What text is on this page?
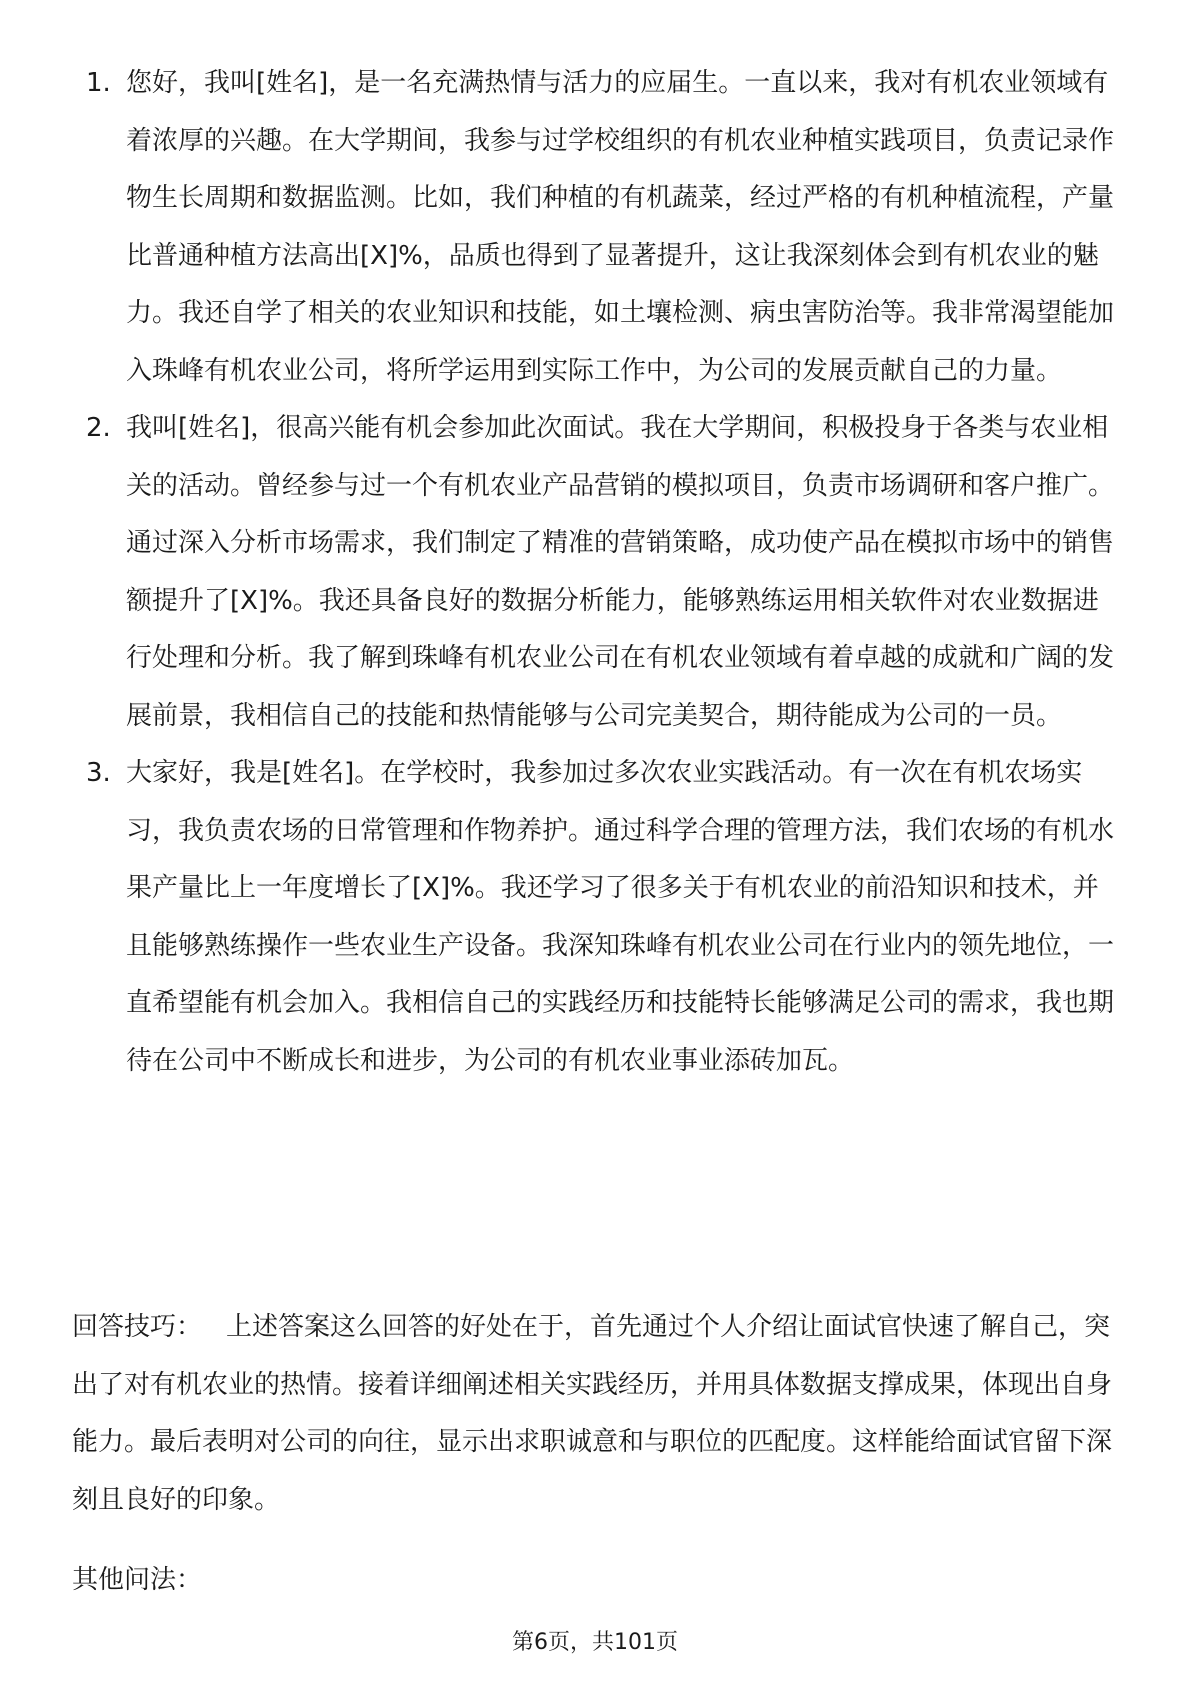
1. 您好，我叫[姓名]，是一名充满热情与活力的应届生。一直以来，我对有机农业领域有着浓厚的兴趣。在大学期间，我参与过学校组织的有机农业种植实践项目，负责记录作物生长周期和数据监测。比如，我们种植的有机蔬菜，经过严格的有机种植流程，产量比普通种植方法高出[X]%，品质也得到了显著提升，这让我深刻体会到有机农业的魅力。我还自学了相关的农业知识和技能，如土壤检测、病虫害防治等。我非常渴望能加入珠峰有机农业公司，将所学运用到实际工作中，为公司的发展贡献自己的力量。
2. 我叫[姓名]，很高兴能有机会参加此次面试。我在大学期间，积极投身于各类与农业相关的活动。曾经参与过一个有机农业产品营销的模拟项目，负责市场调研和客户推广。通过深入分析市场需求，我们制定了精准的营销策略，成功使产品在模拟市场中的销售额提升了[X]%。我还具备良好的数据分析能力，能够熟练运用相关软件对农业数据进行处理和分析。我了解到珠峰有机农业公司在有机农业领域有着卓越的成就和广阔的发展前景，我相信自己的技能和热情能够与公司完美契合，期待能成为公司的一员。
3. 大家好，我是[姓名]。在学校时，我参加过多次农业实践活动。有一次在有机农场实习，我负责农场的日常管理和作物养护。通过科学合理的管理方法，我们农场的有机水果产量比上一年度增长了[X]%。我还学习了很多关于有机农业的前沿知识和技术，并且能够熟练操作一些农业生产设备。我深知珠峰有机农业公司在行业内的领先地位，一直希望能有机会加入。我相信自己的实践经历和技能特长能够满足公司的需求，我也期待在公司中不断成长和进步，为公司的有机农业事业添砖加瓦。

回答技巧： 上述答案这么回答的好处在于，首先通过个人介绍让面试官快速了解自己，突出了对有机农业的热情。接着详细阐述相关实践经历，并用具体数据支撑成果，体现出自身能力。最后表明对公司的向往，显示出求职诚意和与职位的匹配度。这样能给面试官留下深刻且良好的印象。

其他问法：

第6页，共101页
